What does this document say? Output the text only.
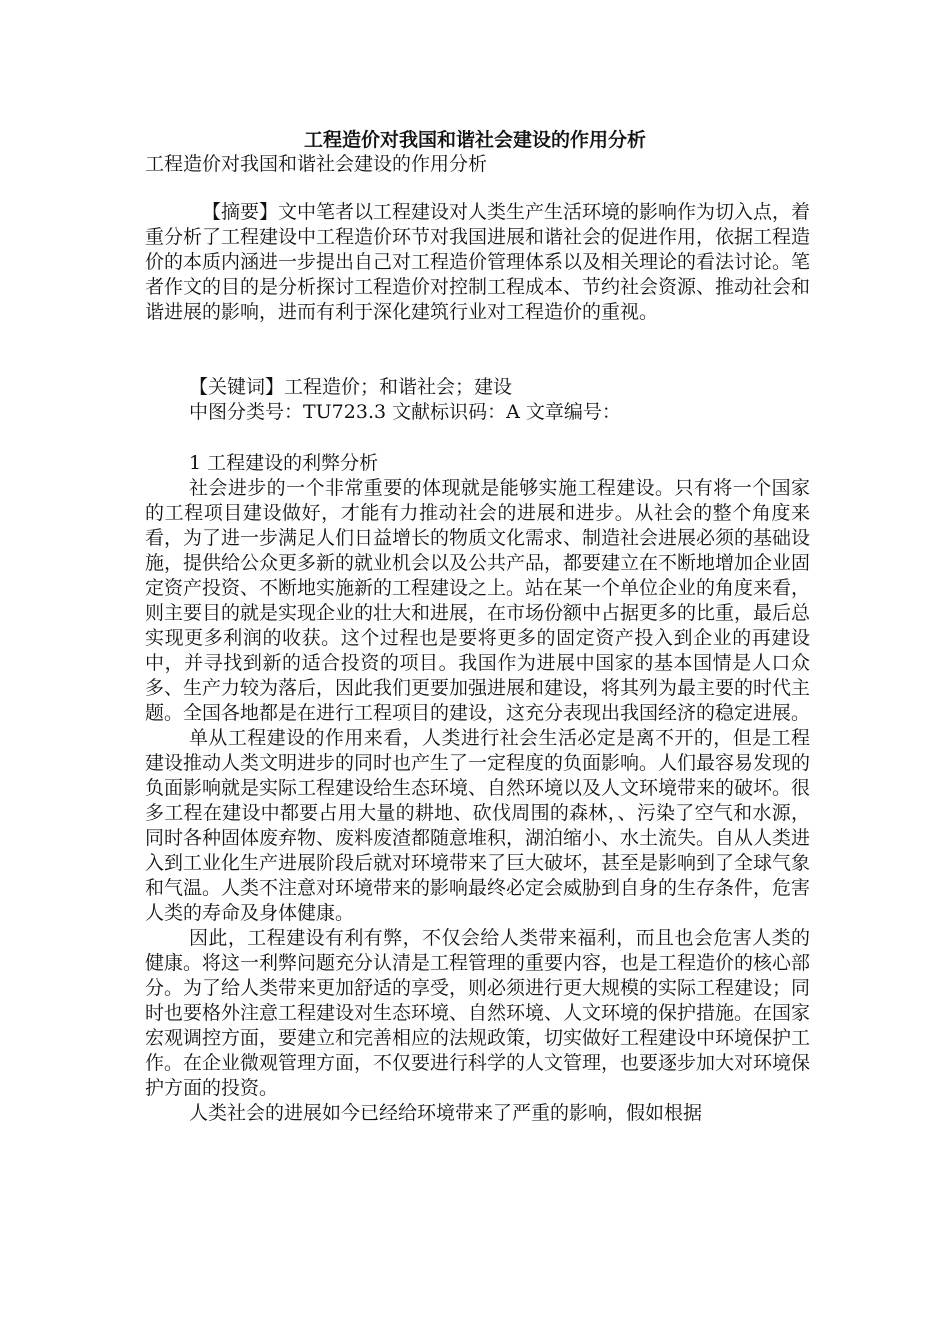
工程造价对我国和谐社会建设的作用分析
工程造价对我国和谐社会建设的作用分析

【摘要】文中笔者以工程建设对人类生产生活环境的影响作为切入点，着重分析了工程建设中工程造价环节对我国进展和谐社会的促进作用，依据工程造价的本质内涵进一步提出自己对工程造价管理体系以及相关理论的看法讨论。笔者作文的目的是分析探讨工程造价对控制工程成本、节约社会资源、推动社会和谐进展的影响，进而有利于深化建筑行业对工程造价的重视。

【关键词】工程造价；和谐社会；建设

中图分类号：TU723.3 文献标识码：A 文章编号：

1 工程建设的利弊分析

社会进步的一个非常重要的体现就是能够实施工程建设。只有将一个国家的工程项目建设做好，才能有力推动社会的进展和进步。从社会的整个角度来看，为了进一步满足人们日益增长的物质文化需求、制造社会进展必须的基础设施，提供给公众更多新的就业机会以及公共产品，都要建立在不断地增加企业固定资产投资、不断地实施新的工程建设之上。站在某一个单位企业的角度来看，则主要目的就是实现企业的壮大和进展，在市场份额中占据更多的比重，最后总实现更多利润的收获。这个过程也是要将更多的固定资产投入到企业的再建设中，并寻找到新的适合投资的项目。我国作为进展中国家的基本国情是人口众多、生产力较为落后，因此我们更要加强进展和建设，将其列为最主要的时代主题。全国各地都是在进行工程项目的建设，这充分表现出我国经济的稳定进展。

单从工程建设的作用来看，人类进行社会生活必定是离不开的，但是工程建设推动人类文明进步的同时也产生了一定程度的负面影响。人们最容易发现的负面影响就是实际工程建设给生态环境、自然环境以及人文环境带来的破坏。很多工程在建设中都要占用大量的耕地、砍伐周围的森林，、污染了空气和水源，同时各种固体废弃物、废料废渣都随意堆积，湖泊缩小、水土流失。自从人类进入到工业化生产进展阶段后就对环境带来了巨大破坏，甚至是影响到了全球气象和气温。人类不注意对环境带来的影响最终必定会威胁到自身的生存条件，危害人类的寿命及身体健康。

因此，工程建设有利有弊，不仅会给人类带来福利，而且也会危害人类的健康。将这一利弊问题充分认清是工程管理的重要内容，也是工程造价的核心部分。为了给人类带来更加舒适的享受，则必须进行更大规模的实际工程建设；同时也要格外注意工程建设对生态环境、自然环境、人文环境的保护措施。在国家宏观调控方面，要建立和完善相应的法规政策，切实做好工程建设中环境保护工作。在企业微观管理方面，不仅要进行科学的人文管理，也要逐步加大对环境保护方面的投资。

人类社会的进展如今已经给环境带来了严重的影响，假如根据
